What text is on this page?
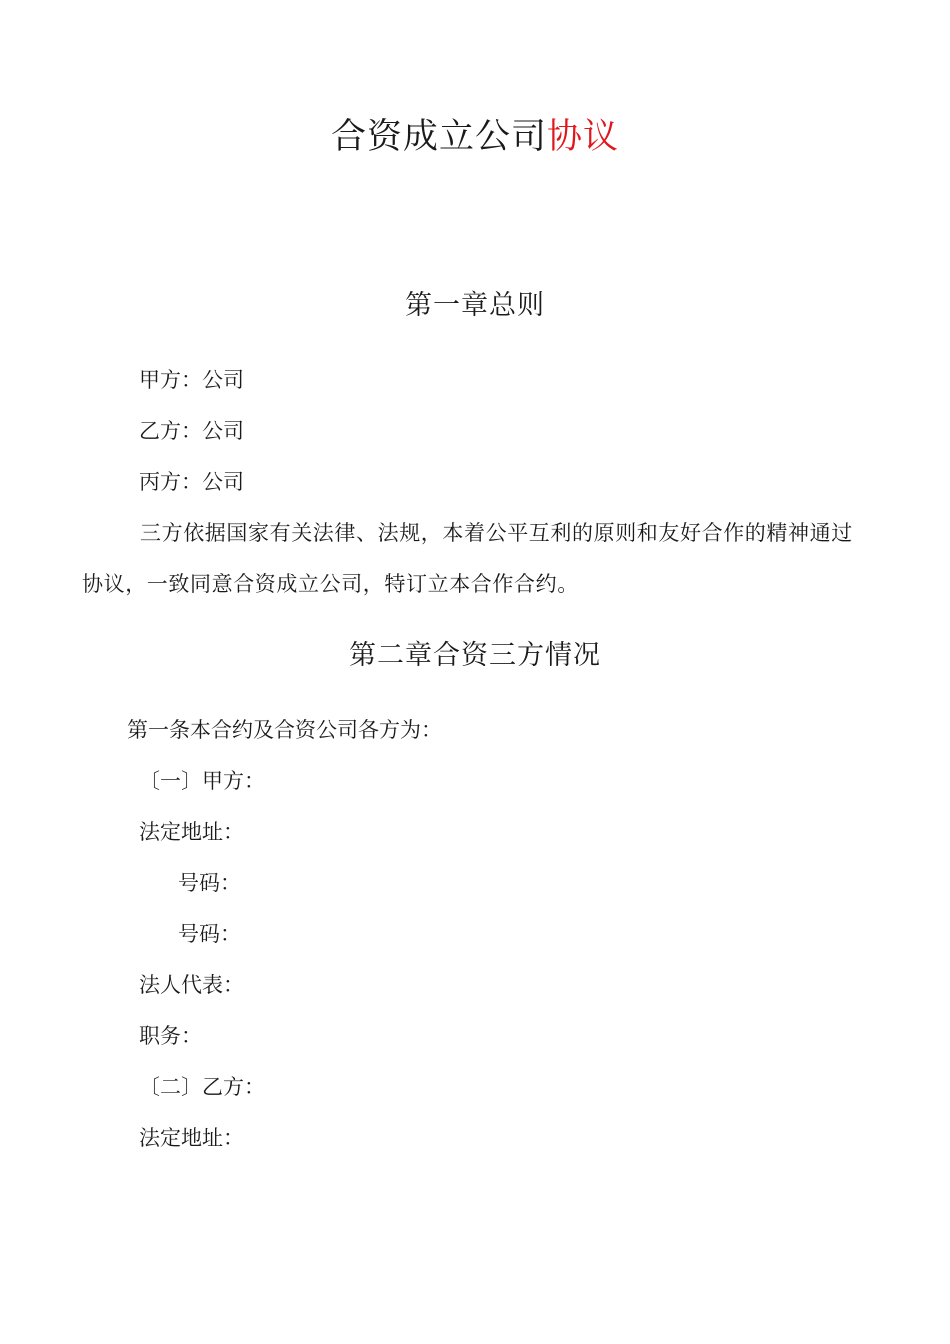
合资成立公司协议
第一章总则
甲方：公司
乙方：公司
丙方：公司
三方依据国家有关法律、法规，本着公平互利的原则和友好合作的精神通过协议，一致同意合资成立公司，特订立本合作合约。
第二章合资三方情况
第一条本合约及合资公司各方为：
〔一〕甲方：
法定地址：
号码：
号码：
法人代表：
职务：
〔二〕乙方：
法定地址：
